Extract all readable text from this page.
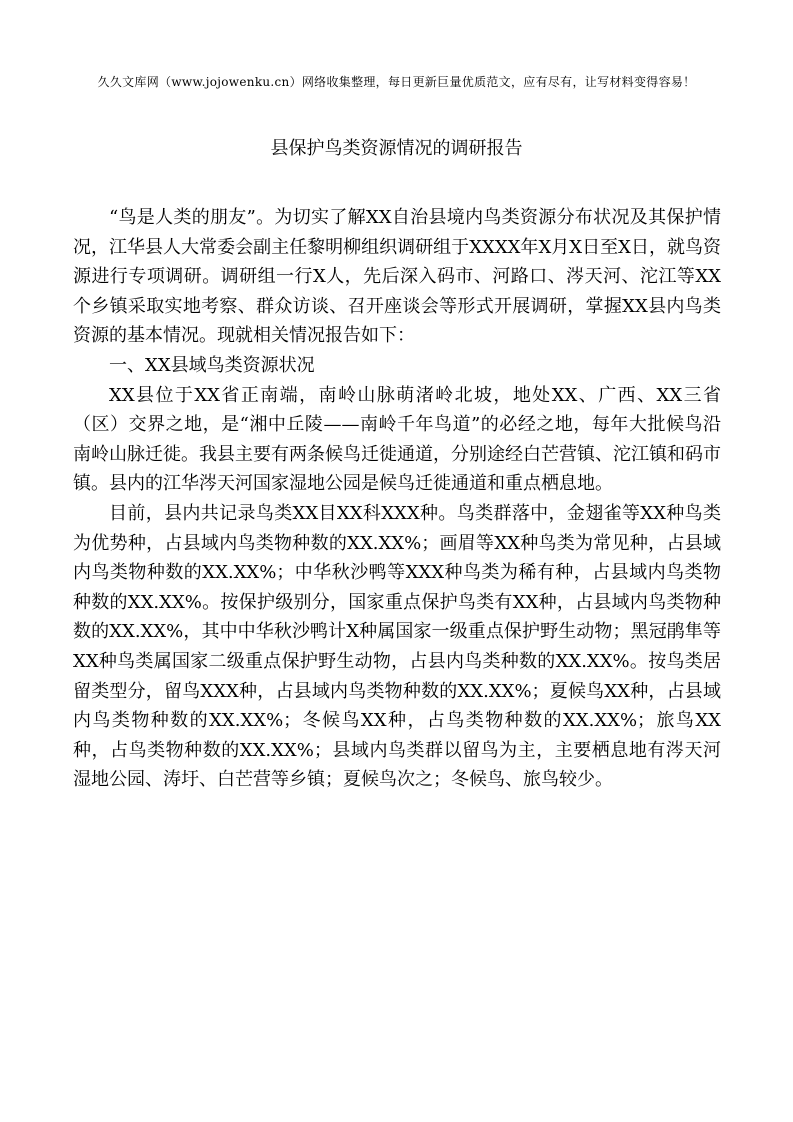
久久文库网（www.jojowenku.cn）网络收集整理，每日更新巨量优质范文，应有尽有，让写材料变得容易！
县保护鸟类资源情况的调研报告

“鸟是人类的朋友”。为切实了解XX自治县境内鸟类资源分布状况及其保护情况，江华县人大常委会副主任黎明柳组织调研组于XXXX年X月X日至X日，就鸟资源进行专项调研。调研组一行X人，先后深入码市、河路口、涔天河、沱江等XX个乡镇采取实地考察、群众访谈、召开座谈会等形式开展调研，掌握XX县内鸟类资源的基本情况。现就相关情况报告如下：

一、XX县域鸟类资源状况

XX县位于XX省正南端，南岭山脉萌渚岭北坡，地处XX、广西、XX三省（区）交界之地，是“湘中丘陵——南岭千年鸟道”的必经之地，每年大批候鸟沿南岭山脉迁徙。我县主要有两条候鸟迁徙通道，分别途经白芒营镇、沱江镇和码市镇。县内的江华涔天河国家湿地公园是候鸟迁徙通道和重点栖息地。

目前，县内共记录鸟类XX目XX科XXX种。鸟类群落中，金翅雀等XX种鸟类为优势种，占县域内鸟类物种数的XX.XX%；画眉等XX种鸟类为常见种，占县域内鸟类物种数的XX.XX%；中华秋沙鸭等XXX种鸟类为稀有种，占县域内鸟类物种数的XX.XX%。按保护级别分，国家重点保护鸟类有XX种，占县域内鸟类物种数的XX.XX%，其中中华秋沙鸭计X种属国家一级重点保护野生动物；黑冠鹃隼等XX种鸟类属国家二级重点保护野生动物，占县内鸟类种数的XX.XX%。按鸟类居留类型分，留鸟XXX种，占县域内鸟类物种数的XX.XX%；夏候鸟XX种，占县域内鸟类物种数的XX.XX%；冬候鸟XX种，占鸟类物种数的XX.XX%；旅鸟XX种，占鸟类物种数的XX.XX%；县域内鸟类群以留鸟为主，主要栖息地有涔天河湿地公园、涛圩、白芒营等乡镇；夏候鸟次之；冬候鸟、旅鸟较少。
